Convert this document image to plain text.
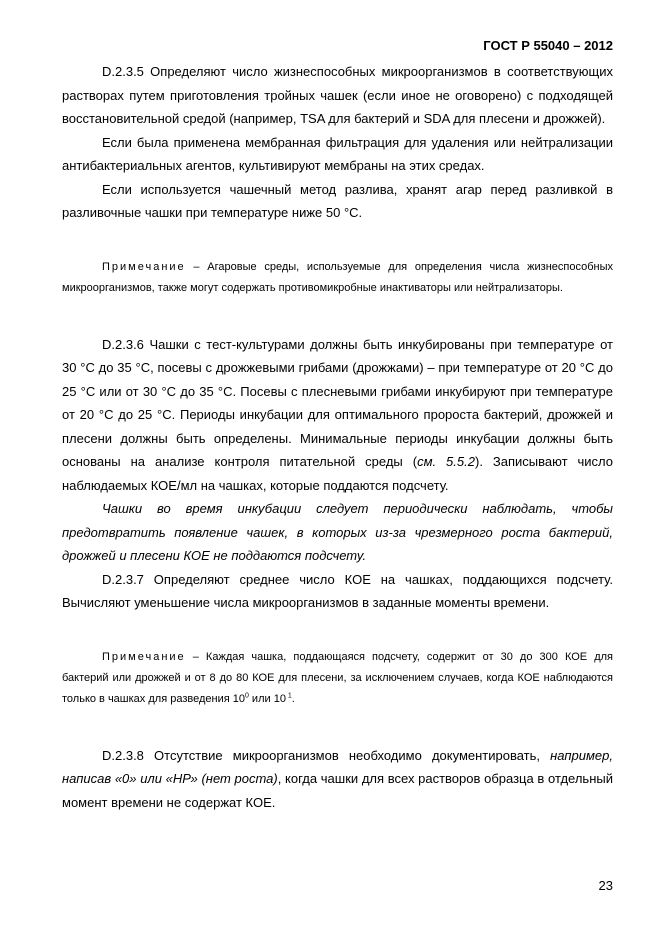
ГОСТ Р 55040 – 2012

D.2.3.5 Определяют число жизнеспособных микроорганизмов в соответствующих растворах путем приготовления тройных чашек (если иное не оговорено) с подходящей восстановительной средой (например, TSA для бактерий и SDA для плесени и дрожжей).

Если была применена мембранная фильтрация для удаления или нейтрализации антибактериальных агентов, культивируют мембраны на этих средах.

Если используется чашечный метод разлива, хранят агар перед разливкой в разливочные чашки при температуре ниже 50 °С.

Примечание – Агаровые среды, используемые для определения числа жизнеспособных микроорганизмов, также могут содержать противомикробные инактиваторы или нейтрализаторы.

D.2.3.6 Чашки с тест-культурами должны быть инкубированы при температуре от 30 °С до 35 °С, посевы с дрожжевыми грибами (дрожжами) – при температуре от 20 °С до 25 °С или от 30 °С до 35 °С. Посевы с плесневыми грибами инкубируют при температуре от 20 °С до 25 °С. Периоды инкубации для оптимального пророста бактерий, дрожжей и плесени должны быть определены. Минимальные периоды инкубации должны быть основаны на анализе контроля питательной среды (см. 5.5.2). Записывают число наблюдаемых КОЕ/мл на чашках, которые поддаются подсчету.

Чашки во время инкубации следует периодически наблюдать, чтобы предотвратить появление чашек, в которых из-за чрезмерного роста бактерий, дрожжей и плесени КОЕ не поддаются подсчету.

D.2.3.7 Определяют среднее число КОЕ на чашках, поддающихся подсчету. Вычисляют уменьшение числа микроорганизмов в заданные моменты времени.

Примечание – Каждая чашка, поддающаяся подсчету, содержит от 30 до 300 КОЕ для бактерий или дрожжей и от 8 до 80 КОЕ для плесени, за исключением случаев, когда КОЕ наблюдаются только в чашках для разведения $10^0$ или 10 $^1$.

D.2.3.8 Отсутствие микроорганизмов необходимо документировать, например, написав «0» или «НР» (нет роста), когда чашки для всех растворов образца в отдельный момент времени не содержат КОЕ.

23
